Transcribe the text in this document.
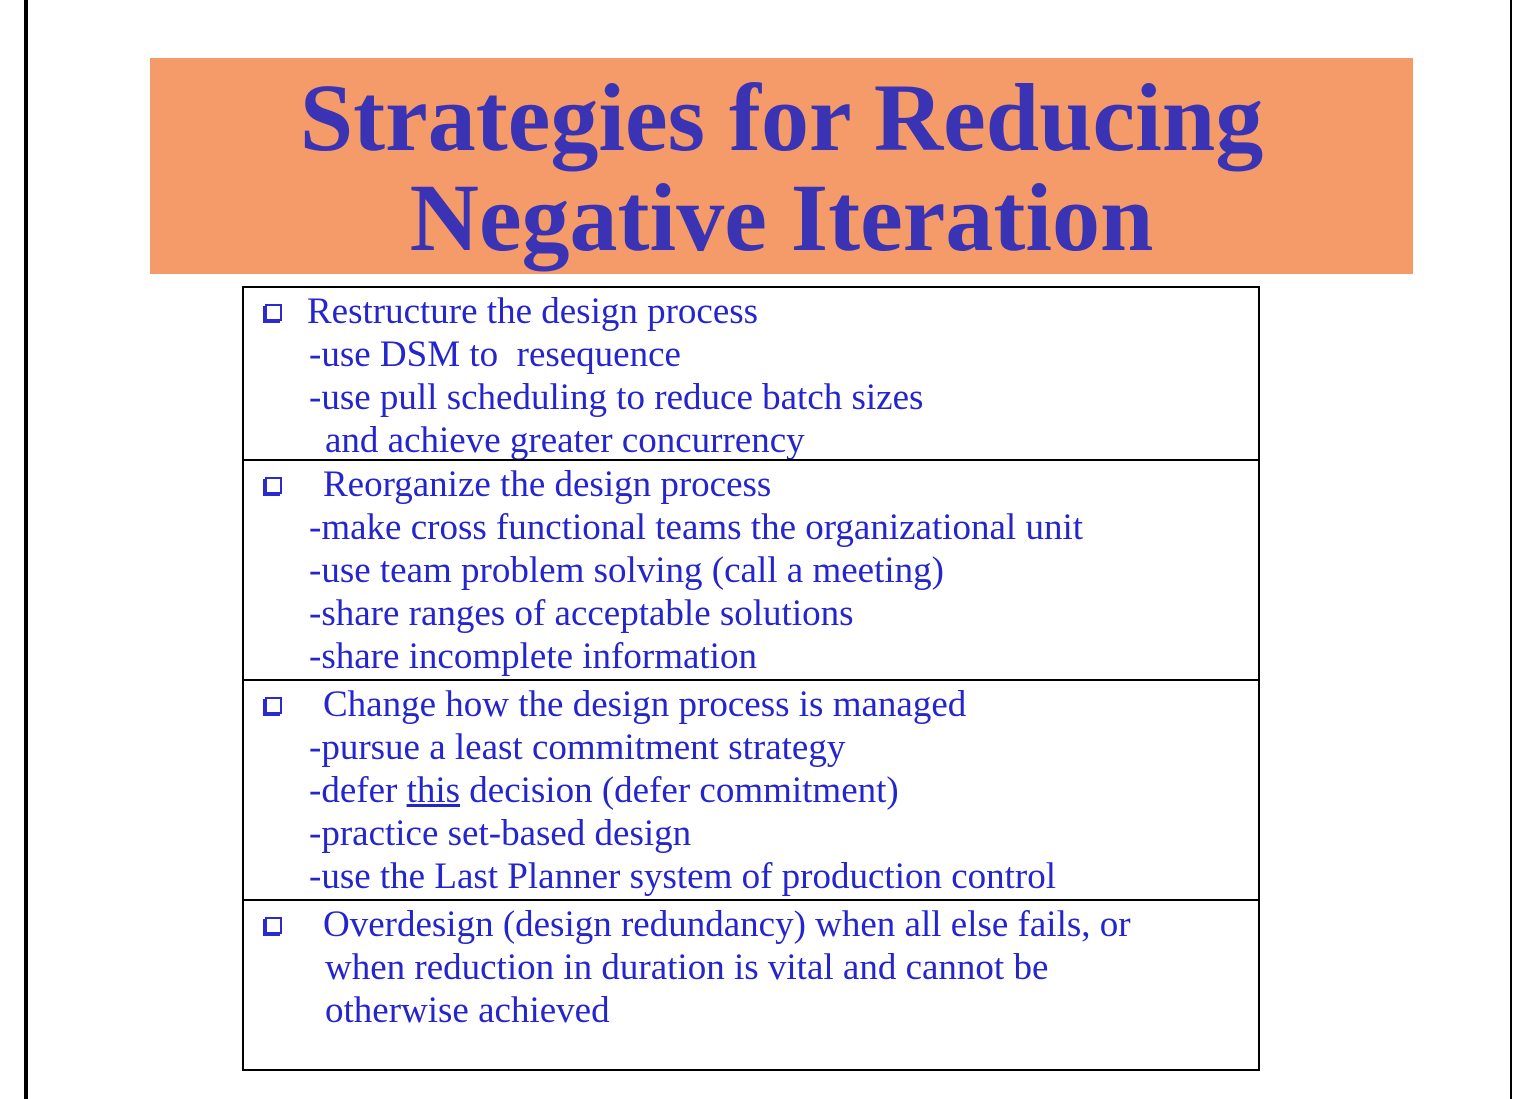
Strategies for Reducing
Negative Iteration
Restructure the design process
-use DSM to  resequence
-use pull scheduling to reduce batch sizes
and achieve greater concurrency
Reorganize the design process
-make cross functional teams the organizational unit
-use team problem solving (call a meeting)
-share ranges of acceptable solutions
-share incomplete information
Change how the design process is managed
-pursue a least commitment strategy
-defer this decision (defer commitment)
-practice set-based design
-use the Last Planner system of production control
Overdesign (design redundancy) when all else fails, or
when reduction in duration is vital and cannot be
otherwise achieved
